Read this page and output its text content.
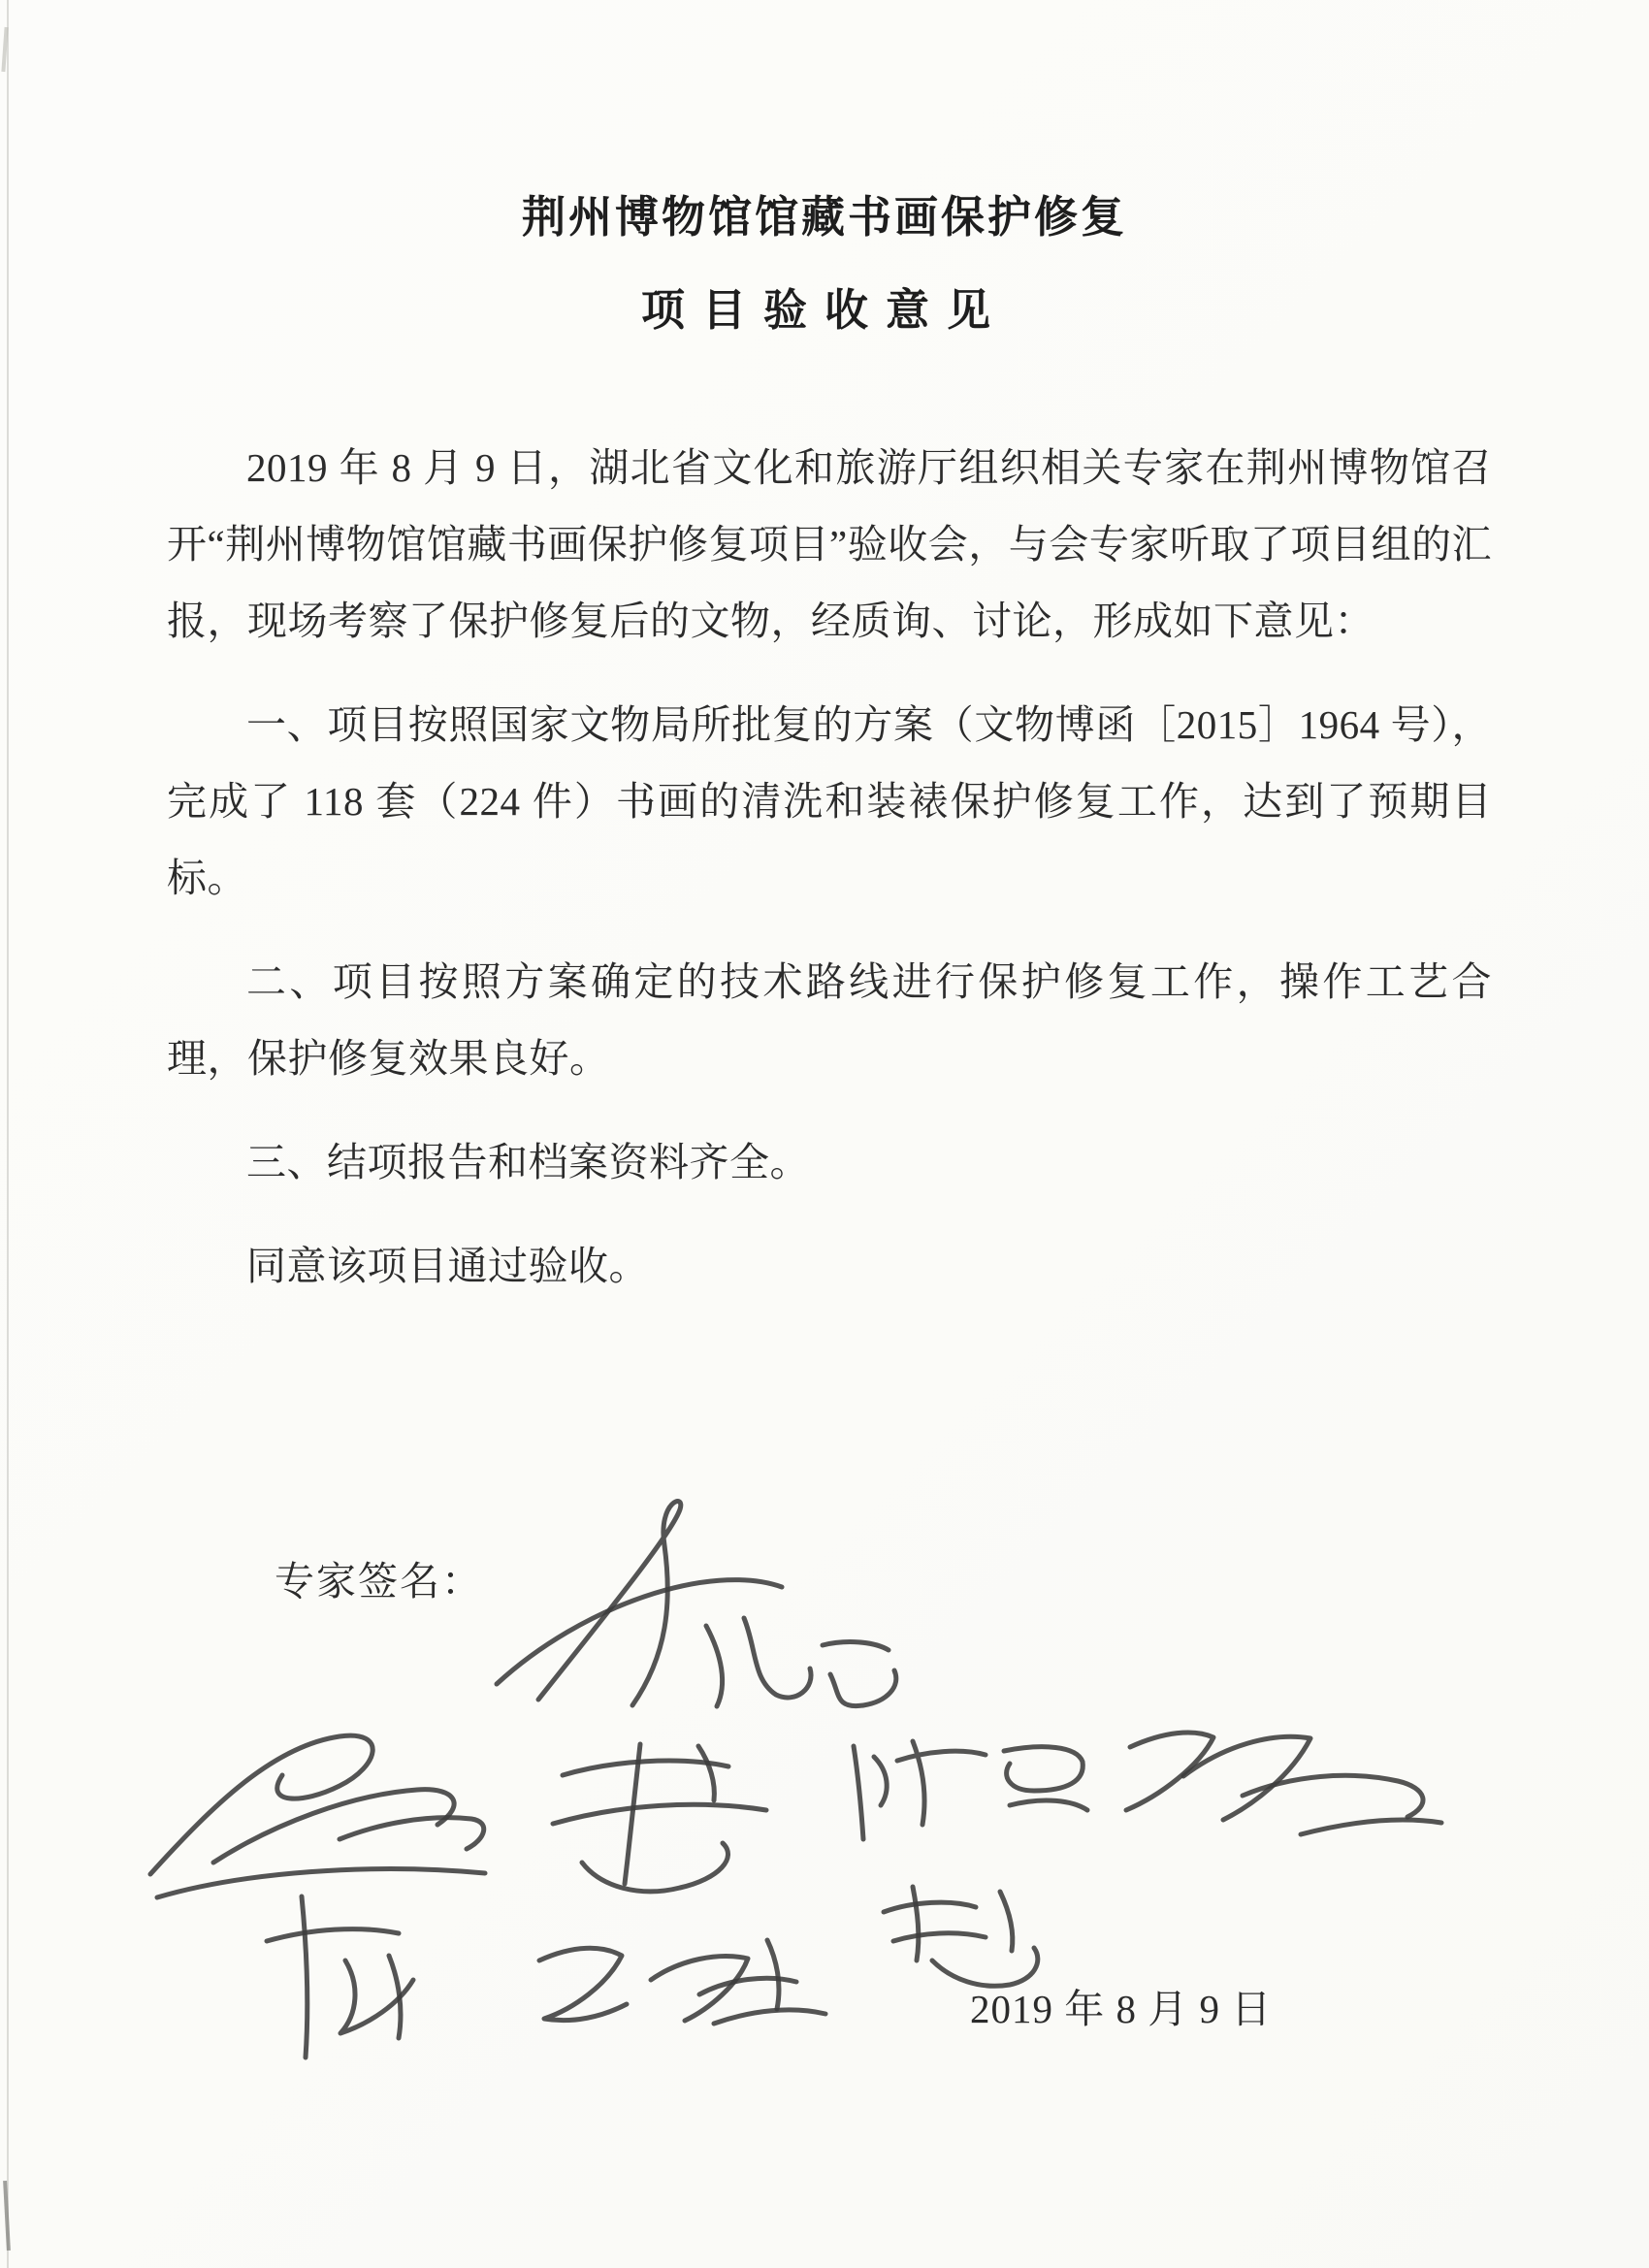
荆州博物馆馆藏书画保护修复
项目验收意见

2019 年 8 月 9 日，湖北省文化和旅游厅组织相关专家在荆州博物馆召开“荆州博物馆馆藏书画保护修复项目”验收会，与会专家听取了项目组的汇报，现场考察了保护修复后的文物，经质询、讨论，形成如下意见：

一、项目按照国家文物局所批复的方案（文物博函［2015］1964 号），完成了 118 套（224 件）书画的清洗和装裱保护修复工作，达到了预期目标。

二、项目按照方案确定的技术路线进行保护修复工作，操作工艺合理，保护修复效果良好。

三、结项报告和档案资料齐全。

同意该项目通过验收。

专家签名：
2019 年 8 月 9 日
